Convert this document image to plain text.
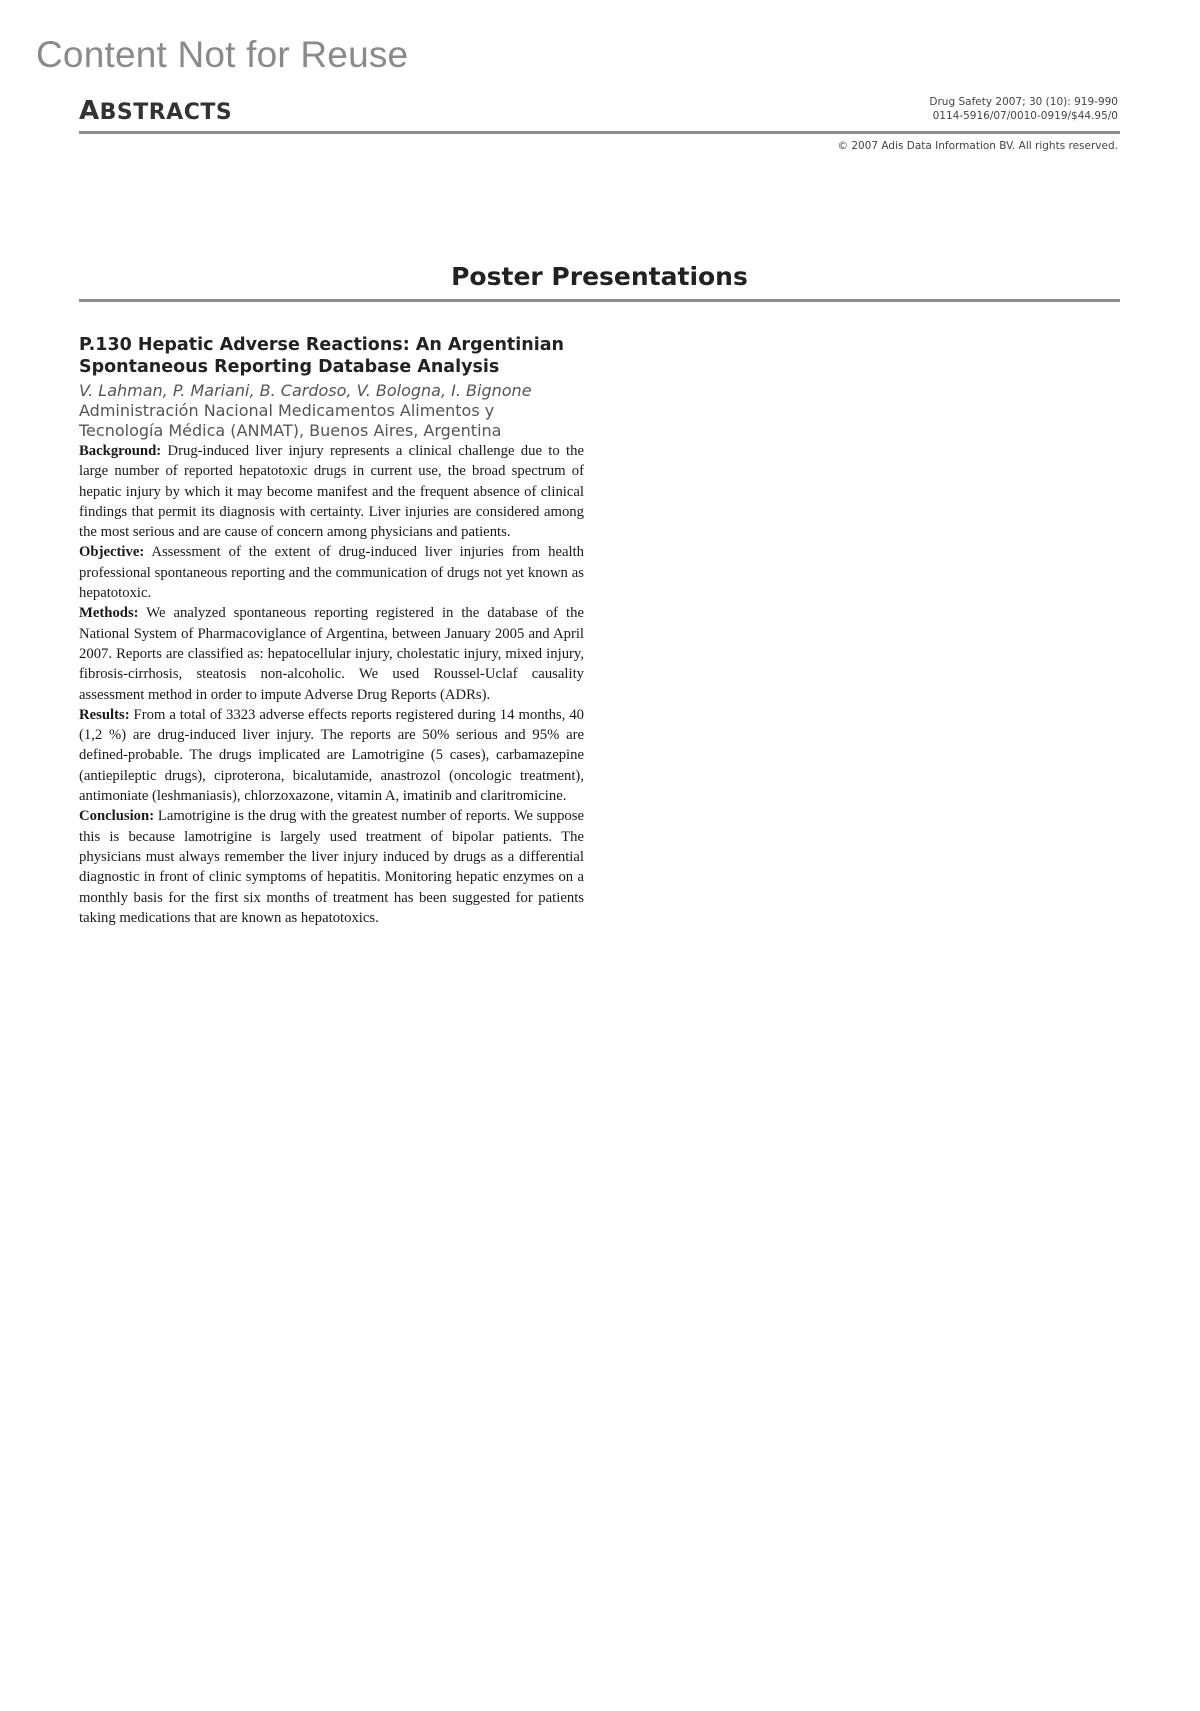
Content Not for Reuse
ABSTRACTS	Drug Safety 2007; 30 (10): 919-990
0114-5916/07/0010-0919/$44.95/0
© 2007 Adis Data Information BV. All rights reserved.
Poster Presentations
P.130 Hepatic Adverse Reactions: An Argentinian
Spontaneous Reporting Database Analysis
V. Lahman, P. Mariani, B. Cardoso, V. Bologna, I. Bignone
Administración Nacional Medicamentos Alimentos y
Tecnología Médica (ANMAT), Buenos Aires, Argentina

Background: Drug-induced liver injury represents a clinical challenge due to the large number of reported hepatotoxic drugs in current use, the broad spectrum of hepatic injury by which it may become manifest and the frequent absence of clinical findings that permit its diagnosis with certainty. Liver injuries are considered among the most serious and are cause of concern among physicians and patients.

Objective: Assessment of the extent of drug-induced liver injuries from health professional spontaneous reporting and the communication of drugs not yet known as hepatotoxic.

Methods: We analyzed spontaneous reporting registered in the database of the National System of Pharmacoviglance of Argentina, between January 2005 and April 2007. Reports are classified as: hepatocellular injury, cholestatic injury, mixed injury, fibrosis-cirrhosis, steatosis non-alcoholic. We used Roussel-Uclaf causality assessment method in order to impute Adverse Drug Reports (ADRs).

Results: From a total of 3323 adverse effects reports registered during 14 months, 40 (1,2 %) are drug-induced liver injury. The reports are 50% serious and 95% are defined-probable. The drugs implicated are Lamotrigine (5 cases), carbamazepine (antiepileptic drugs), ciproterona, bicalutamide, anastrozol (oncologic treatment), antimoniate (leshmaniasis), chlorzoxazone, vitamin A, imatinib and claritromicine.

Conclusion: Lamotrigine is the drug with the greatest number of reports. We suppose this is because lamotrigine is largely used treatment of bipolar patients. The physicians must always remember the liver injury induced by drugs as a differential diagnostic in front of clinic symptoms of hepatitis. Monitoring hepatic enzymes on a monthly basis for the first six months of treatment has been suggested for patients taking medications that are known as hepatotoxics.
